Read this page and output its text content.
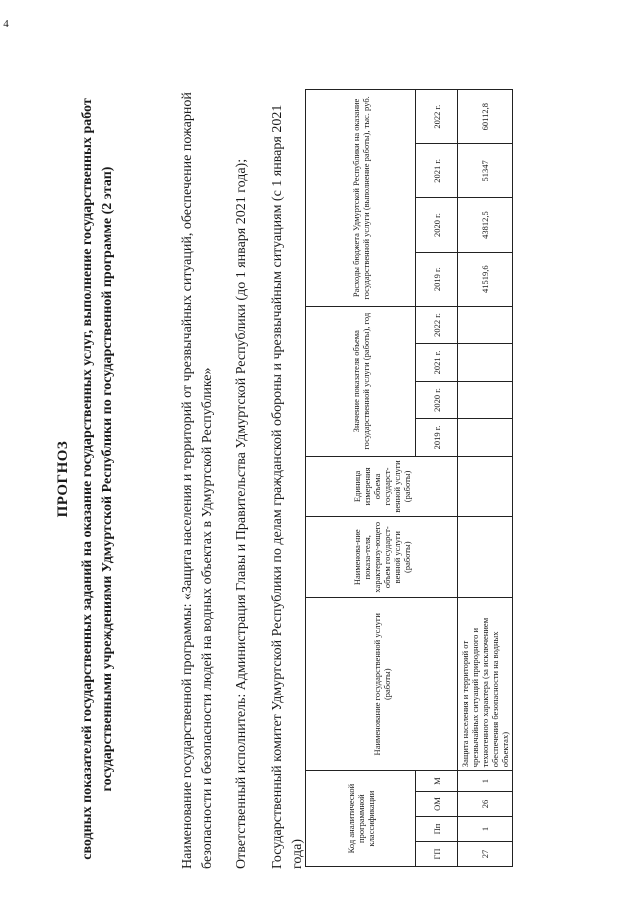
4
ПРОГНОЗ сводных показателей государственных заданий на оказание государственных услуг, выполнение государственных работ государственными учреждениями Удмуртской Республики по государственной программе (2 этап)	Наименование государственной программы: «Защита населения и территорий от чрезвычайных ситуаций, обеспечение пожарной безопасности и безопасности людей на водных объектах в Удмуртской Республике» Ответственный исполнитель: Администрация Главы и Правительства Удмуртской Республики (до 1 января 2021 года); Государственный комитет Удмуртской Республики по делам гражданской обороны и чрезвычайным ситуациям (с 1 января 2021 года)
Код аналитической программной классификации				Наименование государственной услуги (работы)	Наименова-ние показа-теля, характеризу-ющего объем государст-венной услуги (работы)	Единица измерения объема государст-венной услуги (работы)	Значение показателя объема государственной услуги (работы), год				Расходы бюджета Удмуртской Республики на оказание государственной услуги (выполнение работы), тыс. руб.			
ГП	Пп	ОМ	М				2019 г.	2020 г.	2021 г.	2022 г.	2019 г.	2020 г.	2021 г.	2022 г.
27	1	26	1	Защита населения и территорий от чрезвычайных ситуаций природного и техногенного характера (за исключением обеспечения безопасности на водных объектах)							41519,6	43812,5	51347	60112,8
